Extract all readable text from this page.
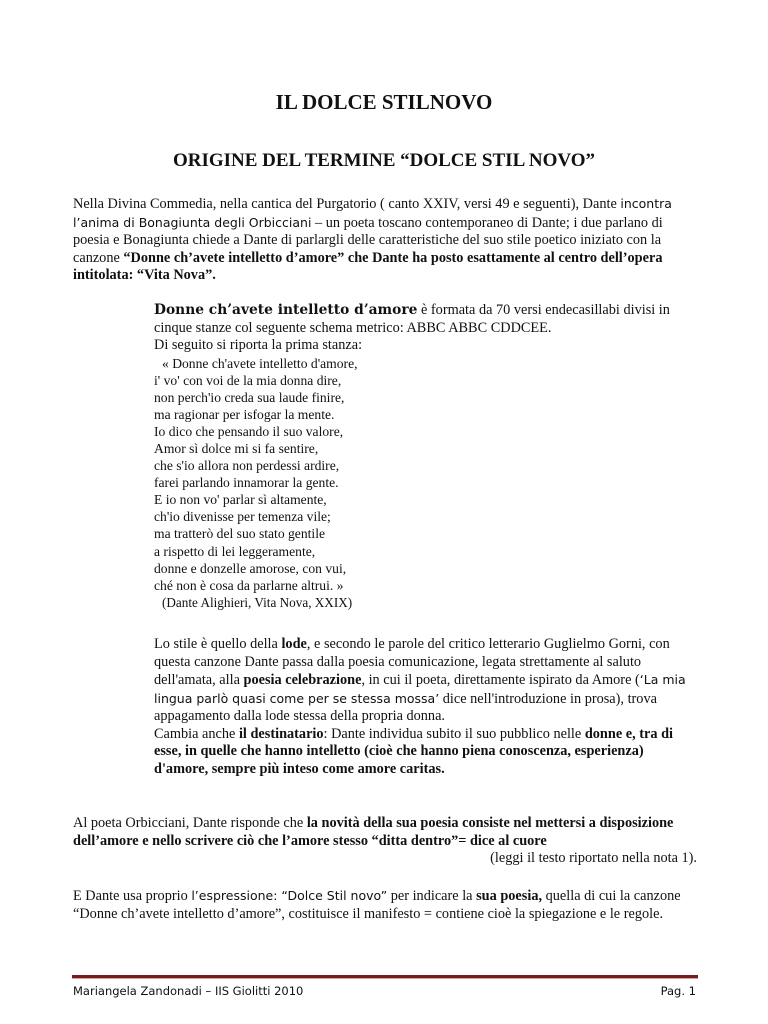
IL DOLCE STILNOVO
ORIGINE DEL TERMINE “DOLCE STIL NOVO”
Nella Divina Commedia, nella cantica del Purgatorio ( canto XXIV, versi 49 e seguenti), Dante incontra l’anima di Bonagiunta degli Orbicciani – un poeta toscano contemporaneo di Dante; i due parlano di poesia e Bonagiunta chiede a Dante di parlargli delle caratteristiche del suo stile poetico iniziato con la canzone “Donne ch’avete intelletto d’amore” che Dante ha posto esattamente al centro dell’opera intitolata: “Vita Nova”.
Donne ch’avete intelletto d’amore è formata da 70 versi endecasillabi divisi in cinque stanze col seguente schema metrico: ABBC ABBC CDDCEE.
Di seguito si riporta la prima stanza:
« Donne ch'avete intelletto d'amore,
i' vo' con voi de la mia donna dire,
non perch'io creda sua laude finire,
ma ragionar per isfogar la mente.
Io dico che pensando il suo valore,
Amor sì dolce mi si fa sentire,
che s'io allora non perdessi ardire,
farei parlando innamorar la gente.
E io non vo' parlar sì altamente,
ch'io divenisse per temenza vile;
ma tratterò del suo stato gentile
a rispetto di lei leggeramente,
donne e donzelle amorose, con vui,
ché non è cosa da parlarne altrui. »
(Dante Alighieri, Vita Nova, XXIX)
Lo stile è quello della lode, e secondo le parole del critico letterario Guglielmo Gorni, con questa canzone Dante passa dalla poesia comunicazione, legata strettamente al saluto dell'amata, alla poesia celebrazione, in cui il poeta, direttamente ispirato da Amore (‘La mia lingua parlò quasi come per se stessa mossa’ dice nell'introduzione in prosa), trova appagamento dalla lode stessa della propria donna.
Cambia anche il destinatario: Dante individua subito il suo pubblico nelle donne e, tra di esse, in quelle che hanno intelletto (cioè che hanno piena conoscenza, esperienza) d'amore, sempre più inteso come amore caritas.
Al poeta Orbicciani, Dante risponde che la novità della sua poesia consiste nel mettersi a disposizione dell’amore e nello scrivere ciò che l’amore stesso “ditta dentro”= dice al cuore
(leggi il testo riportato nella nota 1).
E Dante usa proprio l’espressione: “Dolce Stil novo” per indicare la sua poesia, quella di cui la canzone “Donne ch’avete intelletto d’amore”, costituisce il manifesto = contiene cioè la spiegazione e le regole.
Mariangela Zandonadi – IIS Giolitti 2010	Pag. 1
